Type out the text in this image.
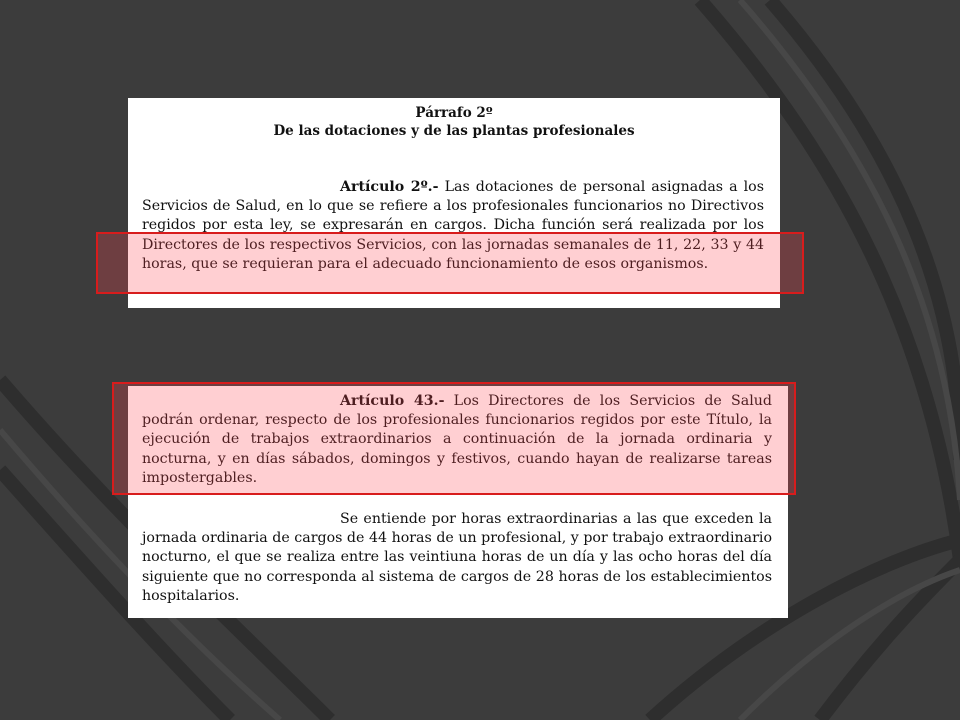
Párrafo 2º
De las dotaciones y de las plantas profesionales

Artículo 2º.- Las dotaciones de personal asignadas a los Servicios de Salud, en lo que se refiere a los profesionales funcionarios no Directivos regidos por esta ley, se expresarán en cargos. Dicha función será realizada por los Directores de los respectivos Servicios, con las jornadas semanales de 11, 22, 33 y 44 horas, que se requieran para el adecuado funcionamiento de esos organismos.

Artículo 43.- Los Directores de los Servicios de Salud podrán ordenar, respecto de los profesionales funcionarios regidos por este Título, la ejecución de trabajos extraordinarios a continuación de la jornada ordinaria y nocturna, y en días sábados, domingos y festivos, cuando hayan de realizarse tareas impostergables.

Se entiende por horas extraordinarias a las que exceden la jornada ordinaria de cargos de 44 horas de un profesional, y por trabajo extraordinario nocturno, el que se realiza entre las veintiuna horas de un día y las ocho horas del día siguiente que no corresponda al sistema de cargos de 28 horas de los establecimientos hospitalarios.
